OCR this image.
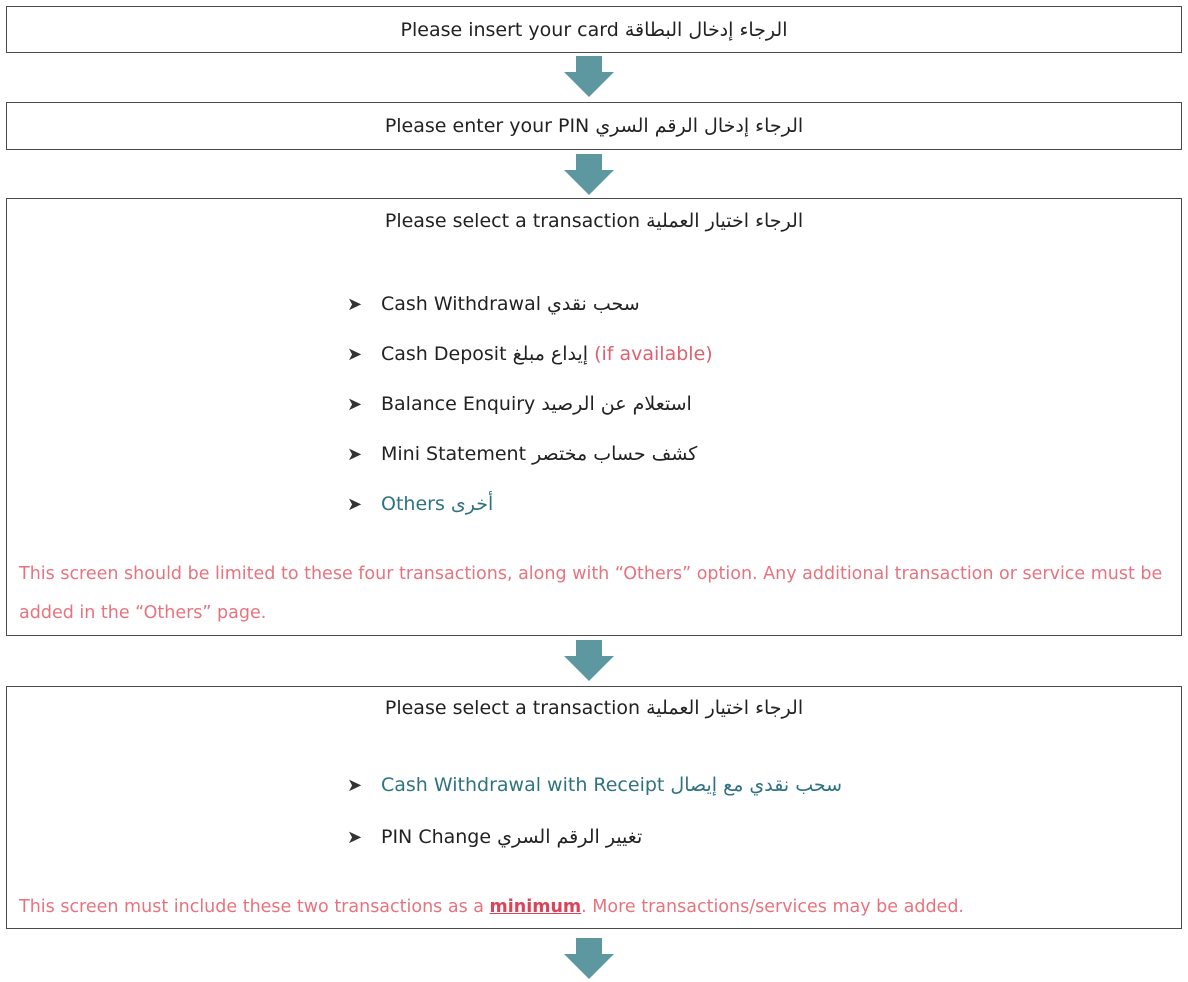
Please insert your card الرجاء إدخال البطاقة
Please enter your PIN الرجاء إدخال الرقم السري
Please select a transaction الرجاء اختيار العملية
➤ Cash Withdrawal سحب نقدي
➤ Cash Deposit إيداع مبلغ (if available)
➤ Balance Enquiry استعلام عن الرصيد
➤ Mini Statement كشف حساب مختصر
➤ Others أخرى
This screen should be limited to these four transactions, along with “Others” option. Any additional transaction or service must be added in the “Others” page.
Please select a transaction الرجاء اختيار العملية
➤ Cash Withdrawal with Receipt سحب نقدي مع إيصال
➤ PIN Change تغيير الرقم السري
This screen must include these two transactions as a minimum. More transactions/services may be added.
